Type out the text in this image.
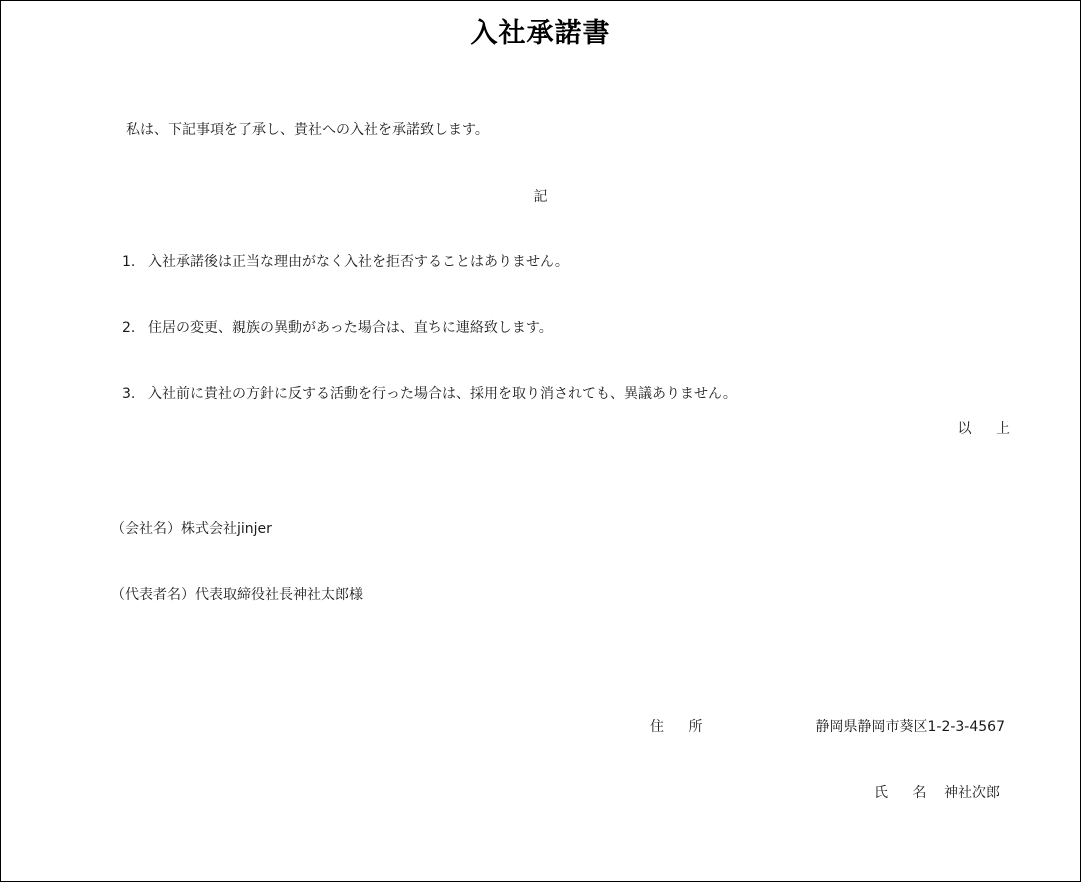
入社承諾書
私は、下記事項を了承し、貴社への入社を承諾致します。
記
1. 入社承諾後は正当な理由がなく入社を拒否することはありません。
2. 住居の変更、親族の異動があった場合は、直ちに連絡致します。
3. 入社前に貴社の方針に反する活動を行った場合は、採用を取り消されても、異議ありません。
以 上
（会社名）株式会社jinjer
（代表者名）代表取締役社長神社太郎様
住 所	静岡県静岡市葵区1-2-3-4567
氏 名 神社次郎
